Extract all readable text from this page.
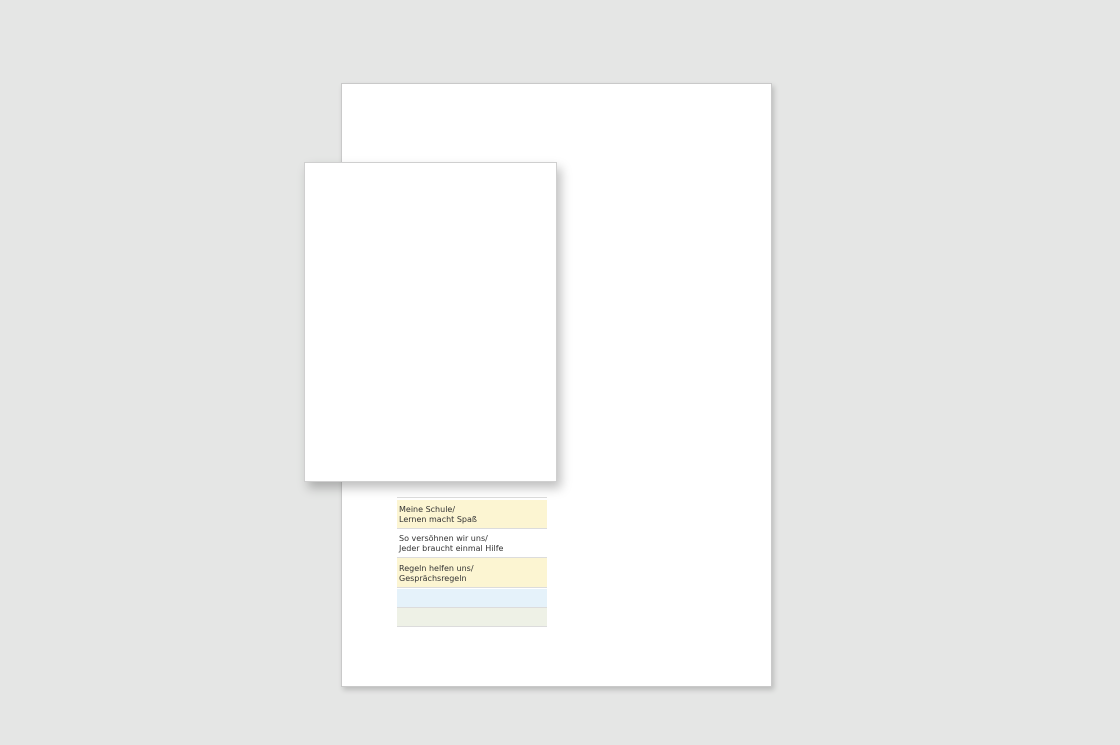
Meine Schule/
Lernen macht Spaß
So versöhnen wir uns/
Jeder braucht einmal Hilfe
Regeln helfen uns/
Gesprächsregeln
